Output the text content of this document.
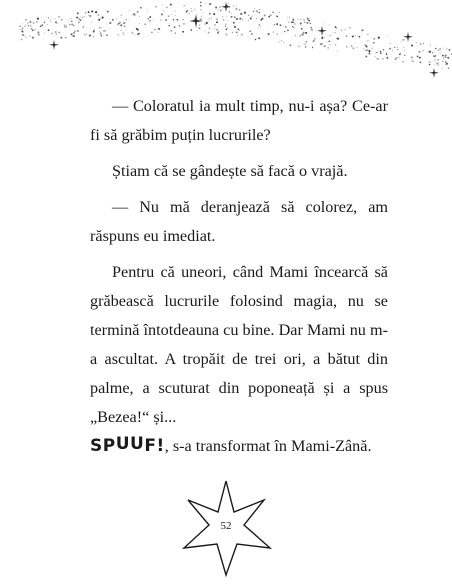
— Coloratul ia mult timp, nu-i așa? Ce-ar fi să grăbim puțin lucrurile?

Știam că se gândește să facă o vrajă.

— Nu mă deranjează să colorez, am răspuns eu imediat.

Pentru că uneori, când Mami încearcă să grăbească lucrurile folosind magia, nu se termină întotdeauna cu bine. Dar Mami nu m-a ascultat. A tropăit de trei ori, a bătut din palme, a scuturat din poponeață și a spus „Bezea!“ și...

SPUUF!, s-a transformat în Mami-Zână.

52
